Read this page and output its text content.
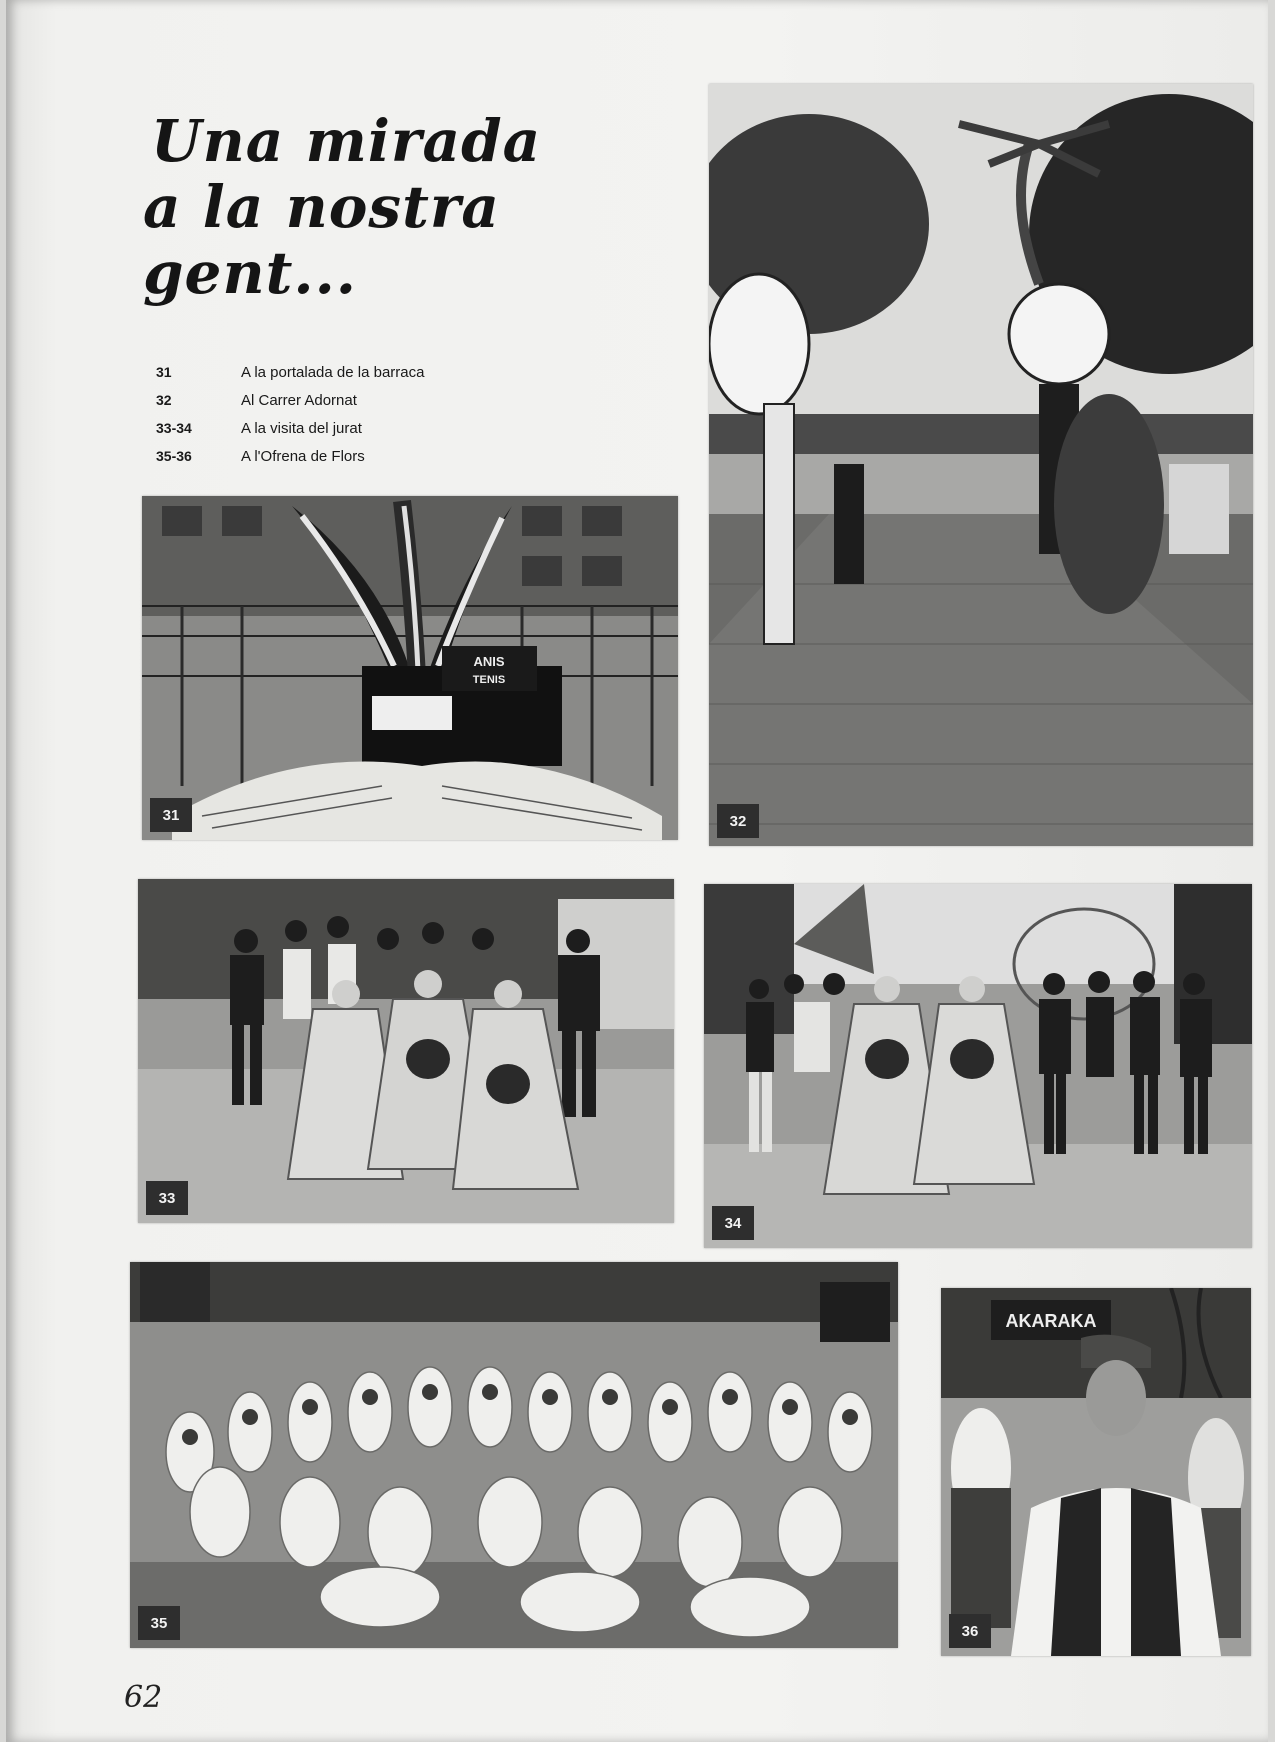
Una mirada
a la nostra gent...
31	A la portalada de la barraca
32	Al Carrer Adornat
33-34	A la visita del jurat
35-36	A l'Ofrena de Flors
ANIS
TENIS
31	32
33
34
35
AKARAKA
36
62
